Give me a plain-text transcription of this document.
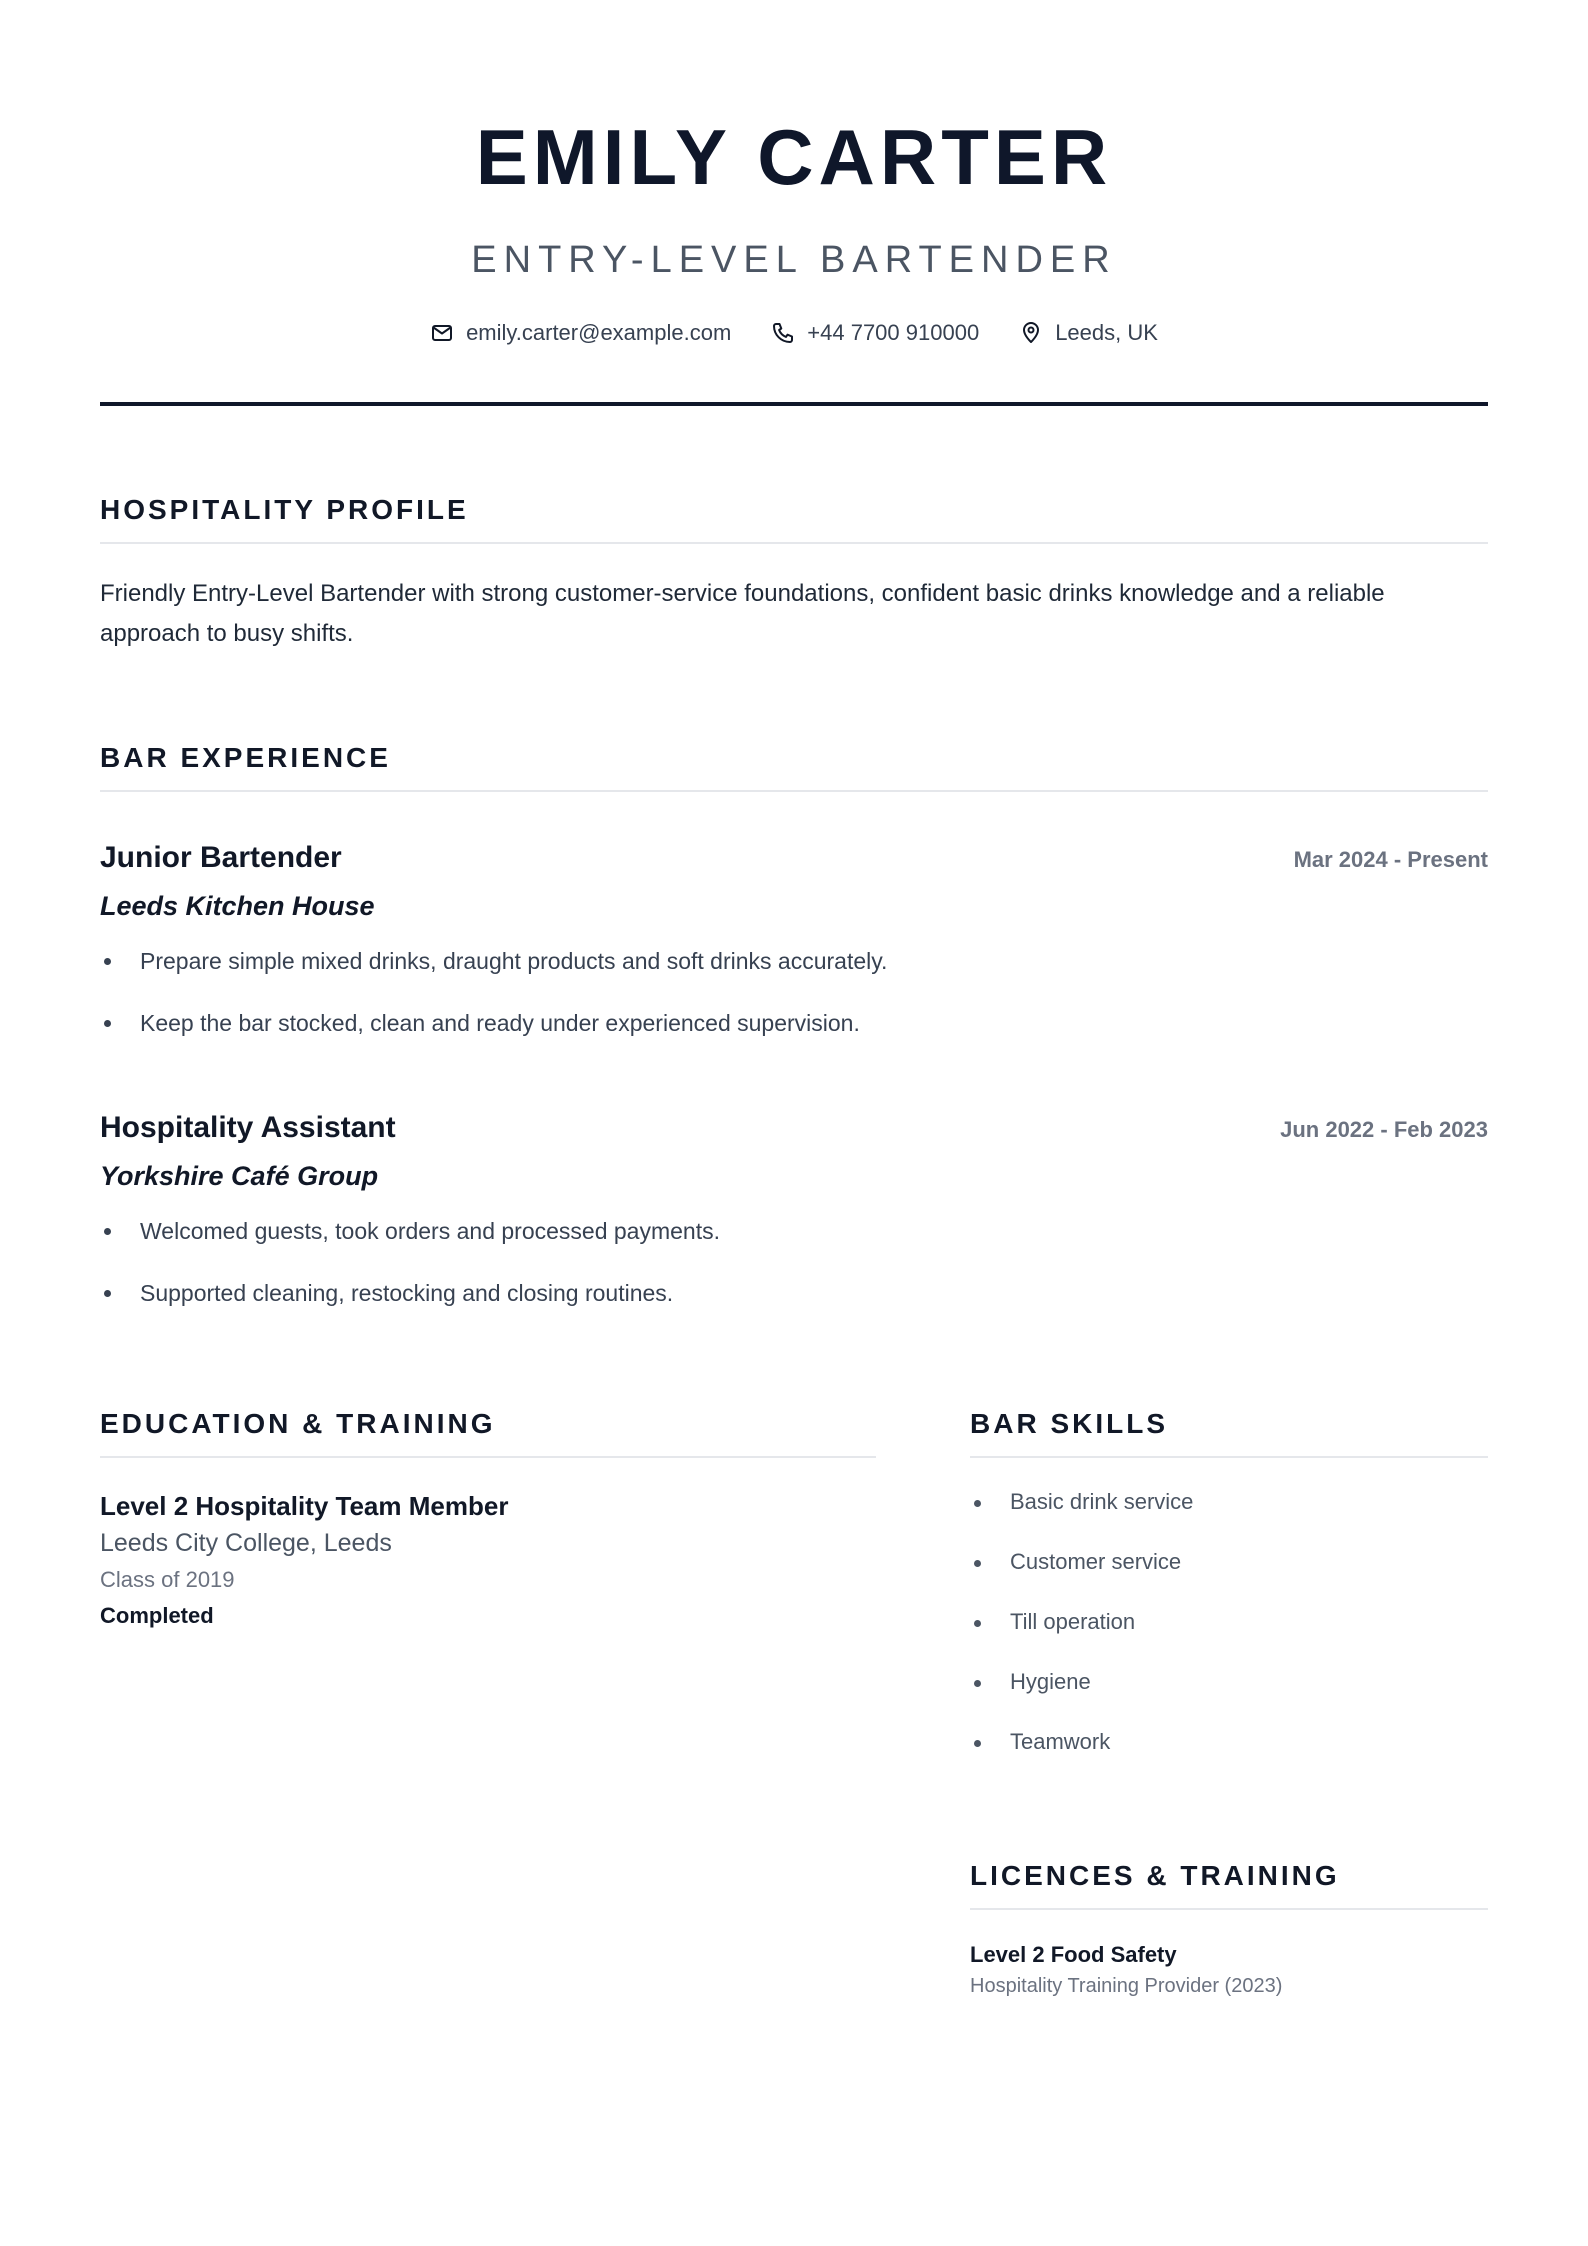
EMILY CARTER
ENTRY-LEVEL BARTENDER
emily.carter@example.com	+44 7700 910000	Leeds, UK
HOSPITALITY PROFILE

Friendly Entry-Level Bartender with strong customer-service foundations, confident basic drinks knowledge and a reliable approach to busy shifts.

BAR EXPERIENCE
Junior Bartender	Mar 2024 - Present
Leeds Kitchen House
Prepare simple mixed drinks, draught products and soft drinks accurately.
Keep the bar stocked, clean and ready under experienced supervision.
Hospitality Assistant	Jun 2022 - Feb 2023
Yorkshire Café Group
Welcomed guests, took orders and processed payments.
Supported cleaning, restocking and closing routines.
EDUCATION & TRAINING
Level 2 Hospitality Team Member
Leeds City College, Leeds
Class of 2019
Completed
BAR SKILLS
Basic drink service
Customer service
Till operation
Hygiene
Teamwork
LICENCES & TRAINING
Level 2 Food Safety
Hospitality Training Provider (2023)
